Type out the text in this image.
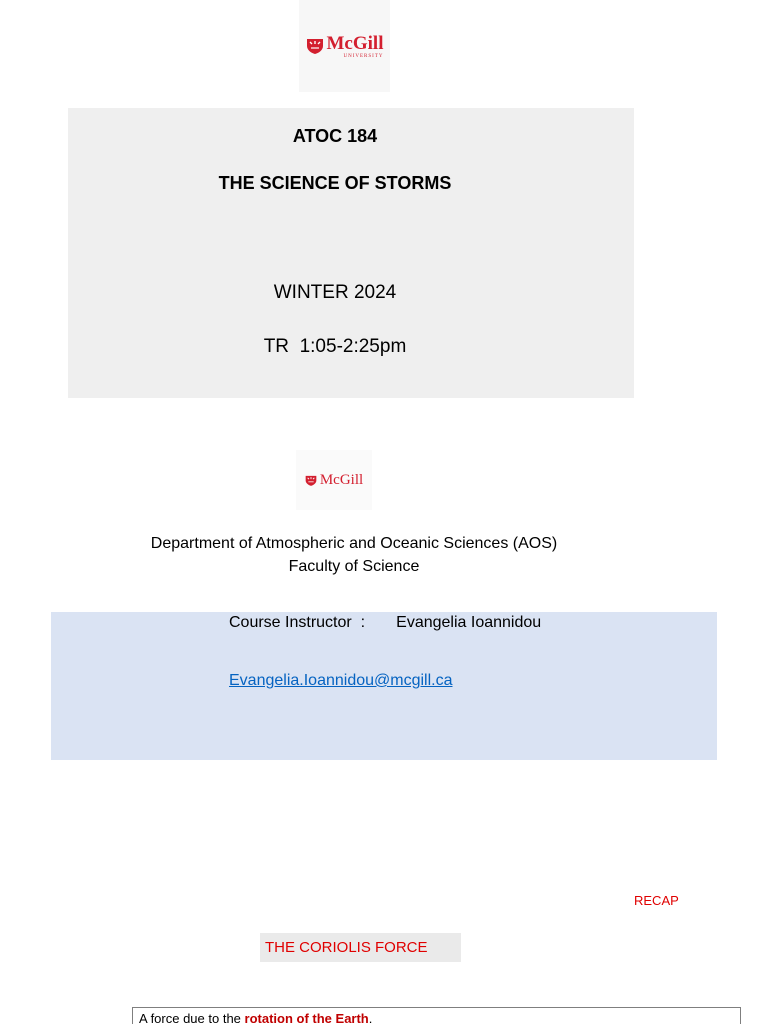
McGill
UNIVERSITY
ATOC 184
THE SCIENCE OF STORMS
WINTER 2024
TR  1:05-2:25pm
McGill
Department of Atmospheric and Oceanic Sciences (AOS)
Faculty of Science
Course Instructor  :       Evangelia Ioannidou
Evangelia.Ioannidou@mcgill.ca
RECAP
THE CORIOLIS FORCE
A force due to the rotation of the Earth.
